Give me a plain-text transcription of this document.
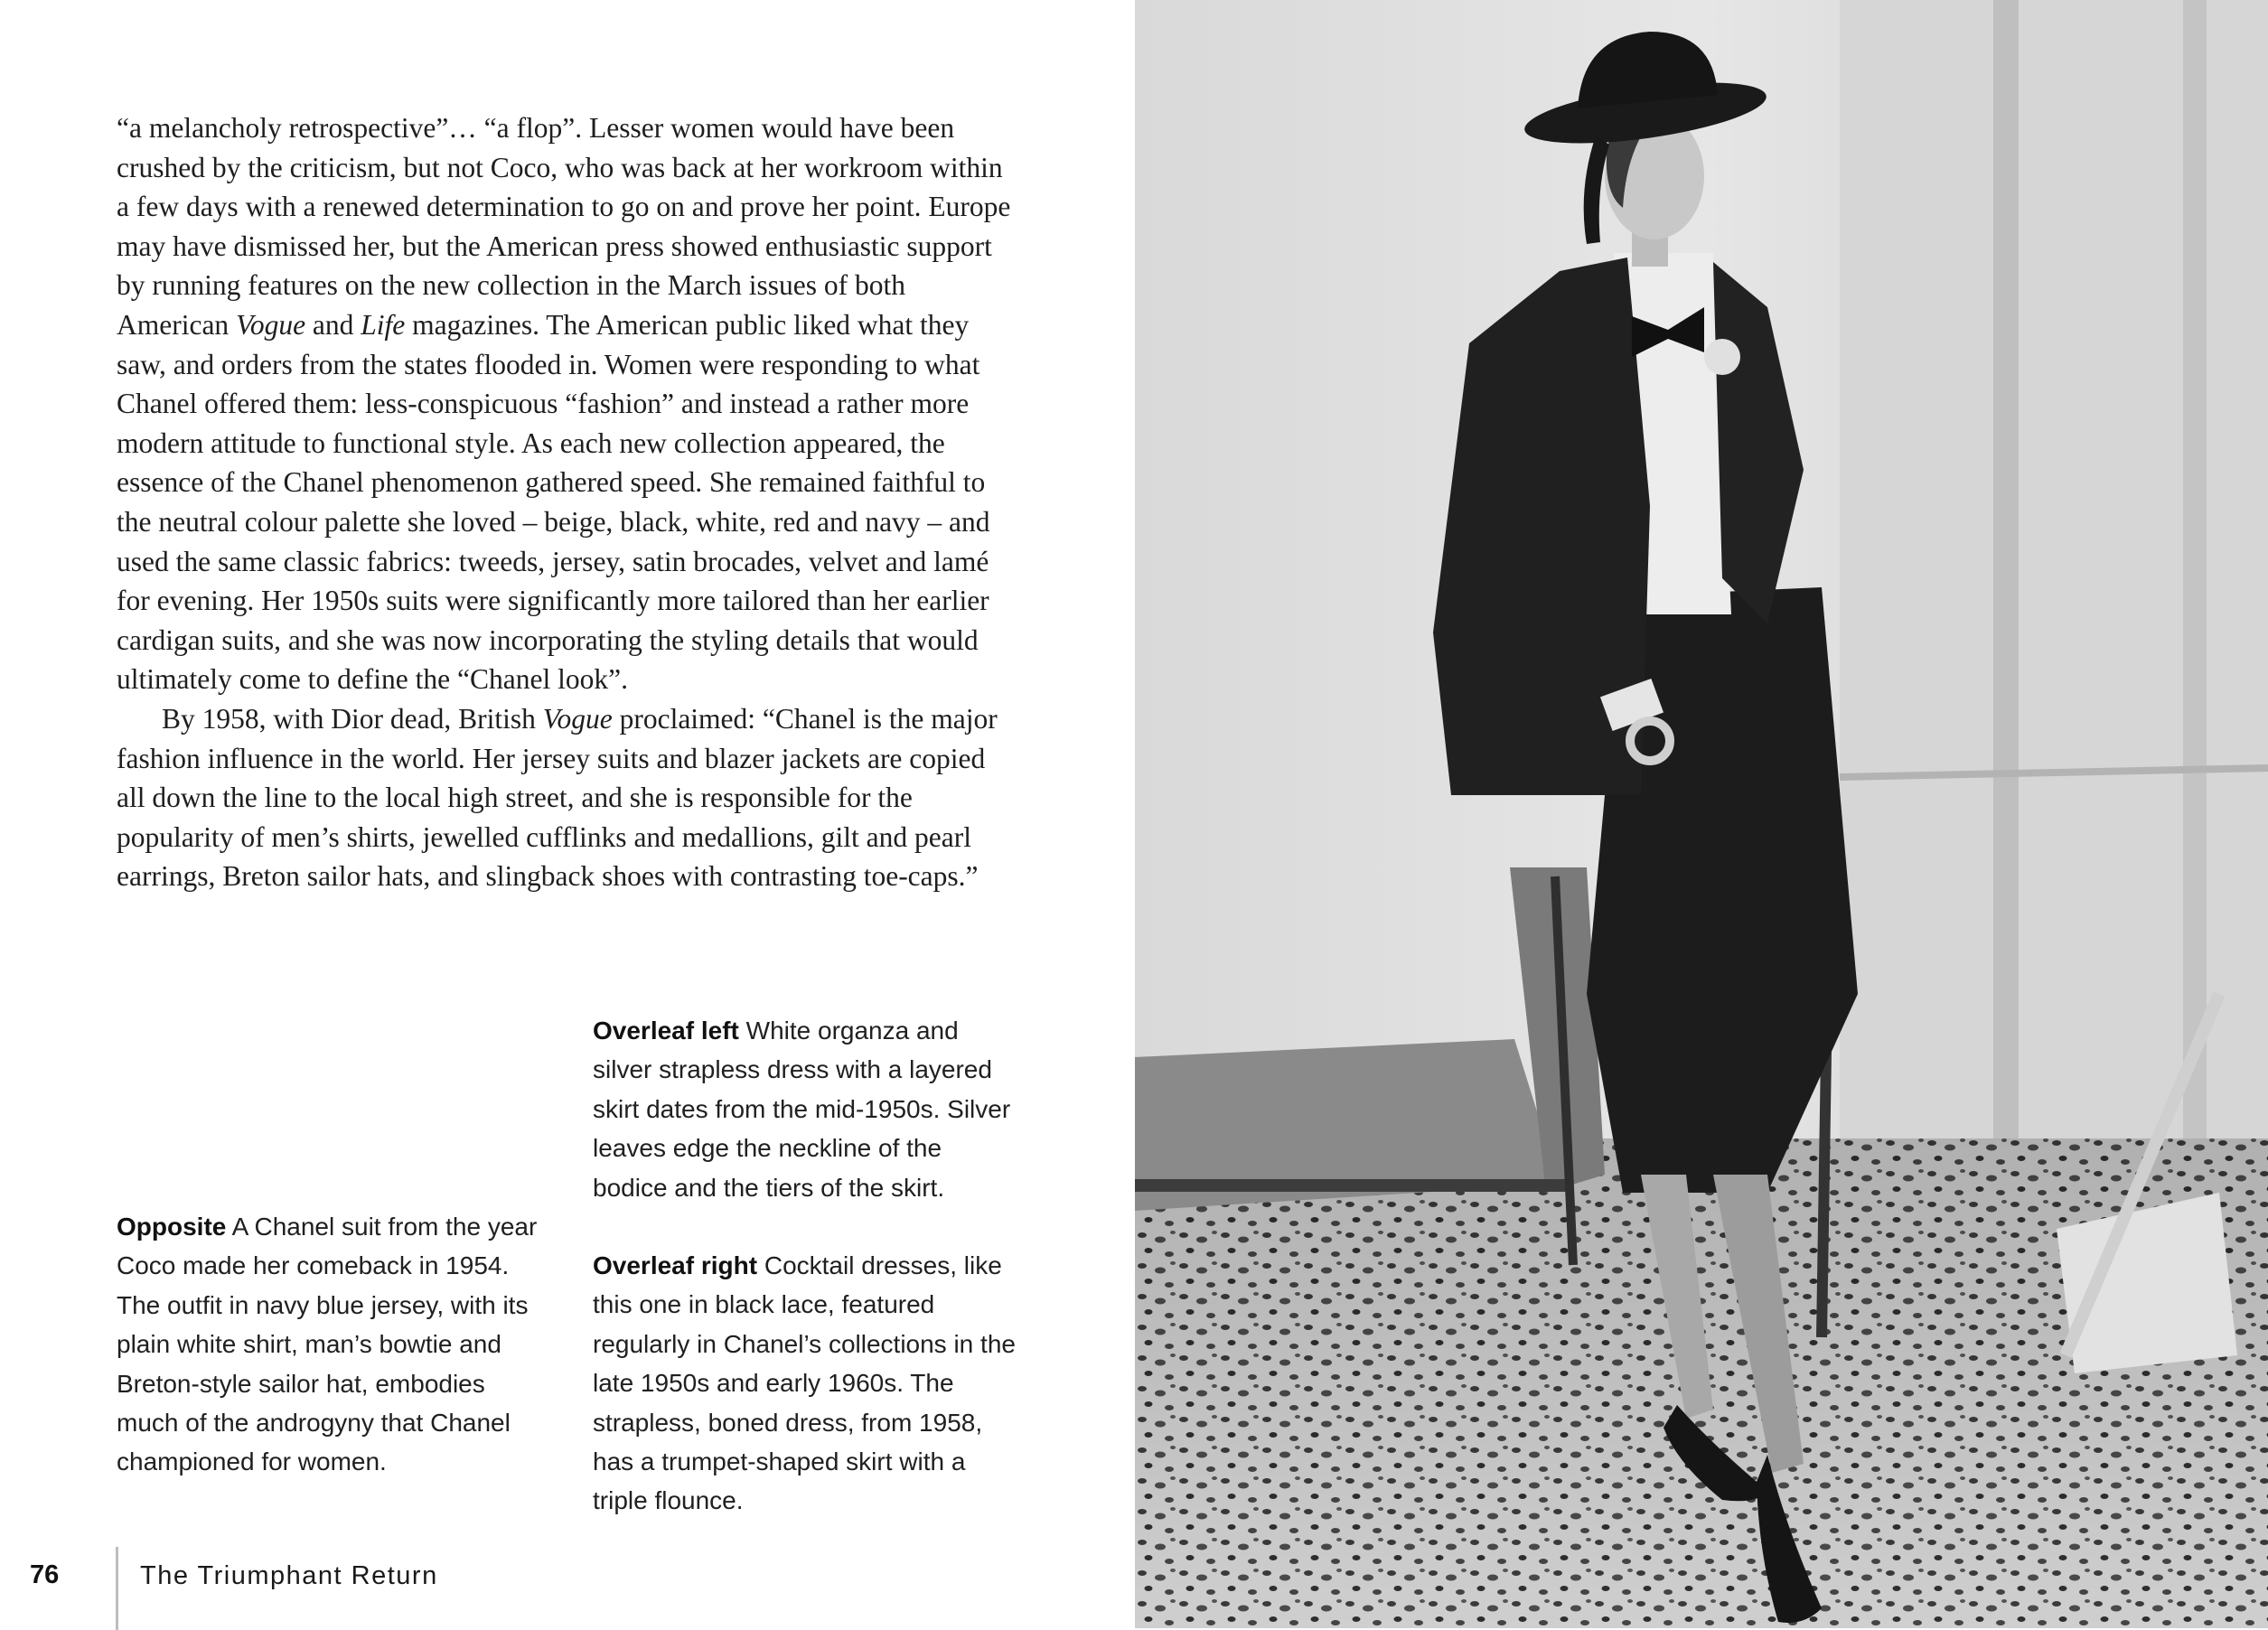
“a melancholy retrospective”… “a flop”. Lesser women would have been crushed by the criticism, but not Coco, who was back at her workroom within a few days with a renewed determination to go on and prove her point. Europe may have dismissed her, but the American press showed enthusiastic support by running features on the new collection in the March issues of both American Vogue and Life magazines. The American public liked what they saw, and orders from the states flooded in. Women were responding to what Chanel offered them: less-conspicuous “fashion” and instead a rather more modern attitude to functional style. As each new collection appeared, the essence of the Chanel phenomenon gathered speed. She remained faithful to the neutral colour palette she loved – beige, black, white, red and navy – and used the same classic fabrics: tweeds, jersey, satin brocades, velvet and lamé for evening. Her 1950s suits were significantly more tailored than her earlier cardigan suits, and she was now incorporating the styling details that would ultimately come to define the “Chanel look”.

By 1958, with Dior dead, British Vogue proclaimed: “Chanel is the major fashion influence in the world. Her jersey suits and blazer jackets are copied all down the line to the local high street, and she is responsible for the popularity of men’s shirts, jewelled cufflinks and medallions, gilt and pearl earrings, Breton sailor hats, and slingback shoes with contrasting toe-caps.”

Overleaf left White organza and silver strapless dress with a layered skirt dates from the mid-1950s. Silver leaves edge the neckline of the bodice and the tiers of the skirt.

Opposite A Chanel suit from the year Coco made her comeback in 1954. The outfit in navy blue jersey, with its plain white shirt, man’s bowtie and Breton-style sailor hat, embodies much of the androgyny that Chanel championed for women.

Overleaf right Cocktail dresses, like this one in black lace, featured regularly in Chanel’s collections in the late 1950s and early 1960s. The strapless, boned dress, from 1958, has a trumpet-shaped skirt with a triple flounce.

76	The Triumphant Return
